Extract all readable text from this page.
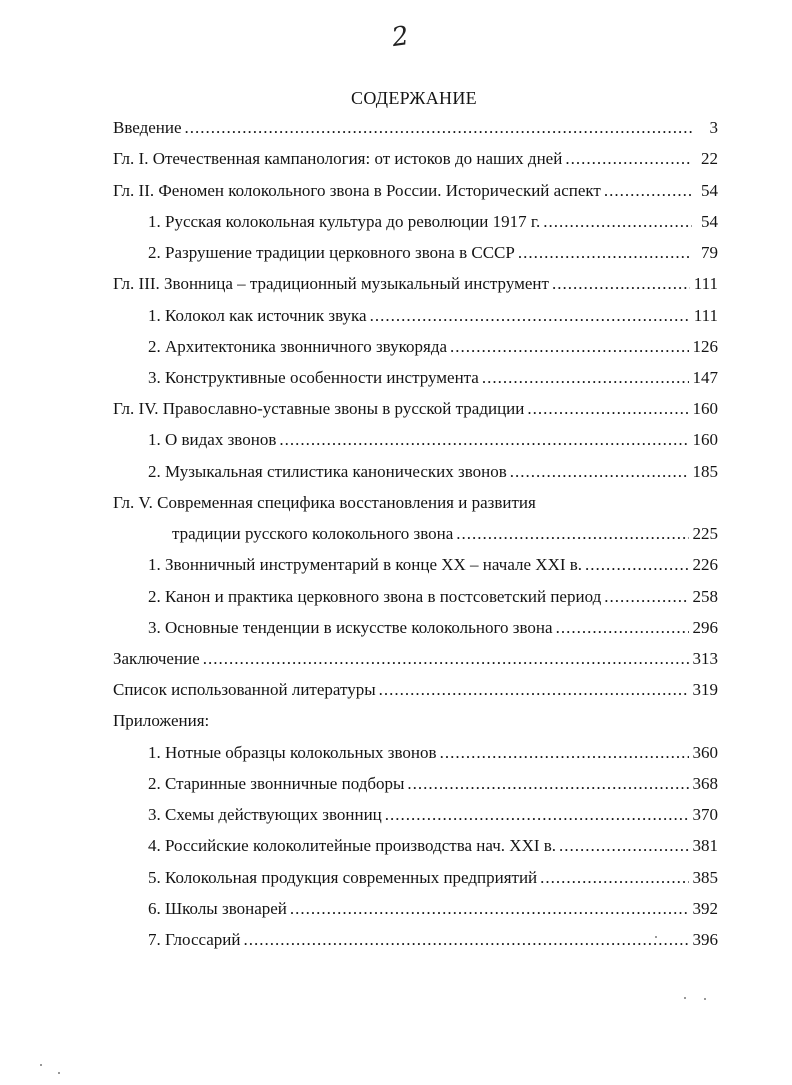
2
СОДЕРЖАНИЕ
Введение .....	3
Гл. I. Отечественная кампанология: от истоков до наших дней .....	22
Гл. II. Феномен колокольного звона в России. Исторический аспект .....	54
1. Русская колокольная культура до революции 1917 г. .....	54
2. Разрушение традиции церковного звона в СССР .....	79
Гл. III. Звонница – традиционный музыкальный инструмент .....	111
1. Колокол как источник звука .....	111
2. Архитектоника звонничного звукоряда .....	126
3. Конструктивные особенности инструмента .....	147
Гл. IV. Православно-уставные звоны в русской традиции .....	160
1. О видах звонов .....	160
2. Музыкальная стилистика канонических звонов .....	185
Гл. V. Современная специфика восстановления и развития
традиции русского колокольного звона .....	225
1. Звонничный инструментарий в конце XX – начале XXI в. .....	226
2. Канон и практика церковного звона в постсоветский период .....	258
3. Основные тенденции в искусстве колокольного звона .....	296
Заключение .....	313
Список использованной литературы .....	319
Приложения:
1. Нотные образцы колокольных звонов .....	360
2. Старинные звонничные подборы .....	368
3. Схемы действующих звонниц .....	370
4. Российские колоколитейные производства нач. XXI в. .....	381
5. Колокольная продукция современных предприятий .....	385
6. Школы звонарей .....	392
7. Глоссарий .....	396
